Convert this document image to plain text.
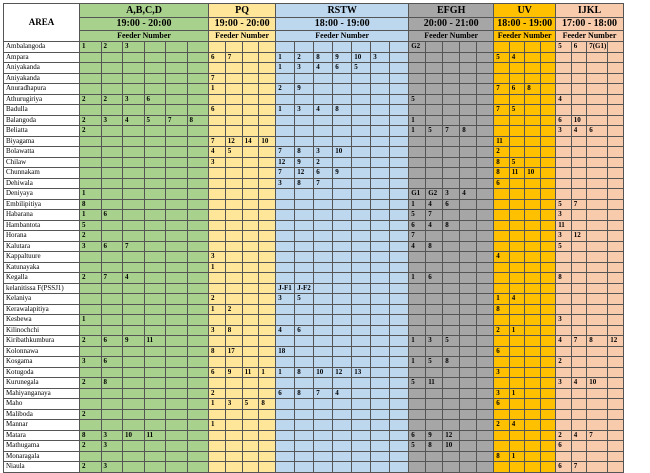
AREA	A,B,C,D						PQ				RSTW							EFGH					UV				IJKL			
	19:00 - 20:00						19:00 - 20:00				18:00 - 19:00							20:00 - 21:00					18:00 - 19:00				17:00 - 18:00			
	Feeder Number						Feeder Number				Feeder Number							Feeder Number					Feeder Number				Feeder Number			
Ambalangoda	1	2	3															G2									5	6	7(G1)	
Ampara							6	7			1	2	8	9	10	3							5	4						
Aniyakanda											1	3	4	6	5															
Aniyakanda							7																							
Anuradhapura							1				2	9											7	6	8					
Athurugiriya	2	2	3	6														5									4			
Badulla							6				1	3	4	8									7	5						
Balangoda	2	3	4	5	7	8												1									6	10		
Beliatta	2																	1	5	7	8						3	4	6	
Biyagama							7	12	14	10													11							
Bolawatta							4	5			7	8	3	10									2							
Chilaw							3				12	9	2										8	5						
Chunnakam											7	12	6	9									8	11	10					
Dehiwala											3	8	7										6							
Deniyaya	1																	G1	G2	3	4									
Embilipitiya	8																	1	4	6							5	7		
Habarana	1	6																5	7								3			
Hambantota	5																	6	4	8							11			
Horana	2																	7									3	12		
Kalutara	3	6	7															4	8								5			
Kappaltuure							3																4							
Katunayaka							1																							
Kegalla	2	7	4															1	6								8			
kelanitissa F(PSSJ1)											J-F1	J-F2																		
Kelaniya							2				3	5											1	4						
Kerawalapitiya							1	2															8							
Kesbewa	1																										3			
Kilinochchi							3	8			4	6											2	1						
Kiribathkumbura	2	6	9	11														1	3	5							4	7	8	12
Kolonnawa							8	17			18												6							
Kosgama	3	6																1	5	8							2			
Kotugoda							6	9	11	1	1	8	10	12	13								3							
Kurunegala	2	8																5	11								3	4	10	
Mahiyanganaya							2				6	8	7	4									3	1						
Maho							1	3	5	8													6							
Maliboda	2																													
Mannar							1																2	4						
Matara	8	3	10	11														6	9	12							2	4	7	
Mathugama	2	3																5	8	10							6			
Monaragala																							8	1						
Niaula	2	3																									6	7		
